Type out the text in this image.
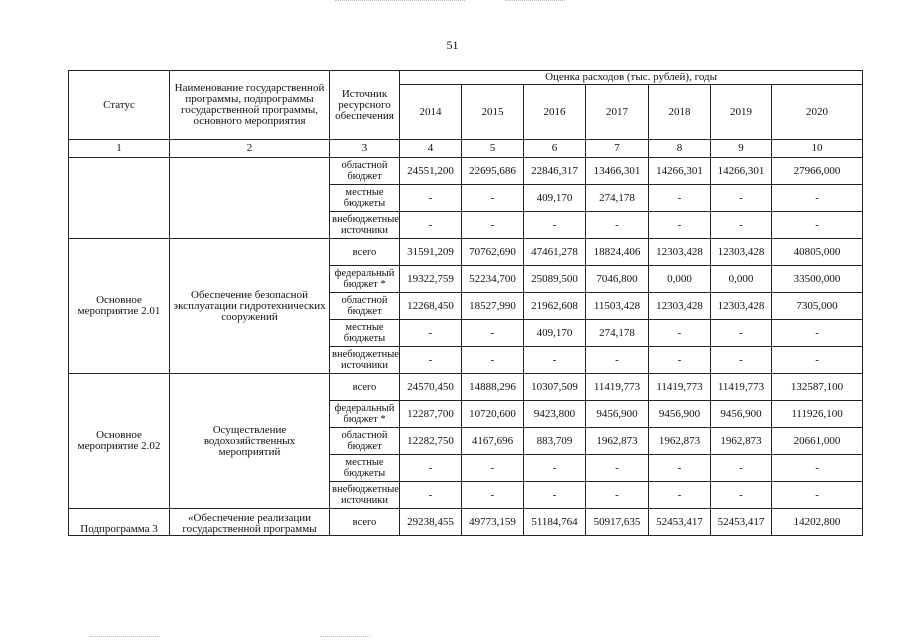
51
Статус	Наименование государственной программы, подпрограммы государственной программы, основного мероприятия	Источник ресурсного обеспечения	Оценка расходов (тыс. рублей), годы						
			2014	2015	2016	2017	2018	2019	2020
1	2	3	4	5	6	7	8	9	10
		областной бюджет	24551,200	22695,686	22846,317	13466,301	14266,301	14266,301	27966,000
		местные бюджеты	-	-	409,170	274,178	-	-	-
		внебюджетные источники	-	-	-	-	-	-	-
Основное мероприятие 2.01	Обеспечение безопасной эксплуатации гидротехнических сооружений	всего	31591,209	70762,690	47461,278	18824,406	12303,428	12303,428	40805,000
		федеральный бюджет *	19322,759	52234,700	25089,500	7046,800	0,000	0,000	33500,000
		областной бюджет	12268,450	18527,990	21962,608	11503,428	12303,428	12303,428	7305,000
		местные бюджеты	-	-	409,170	274,178	-	-	-
		внебюджетные источники	-	-	-	-	-	-	-
Основное мероприятие 2.02	Осуществление водохозяйственных мероприятий	всего	24570,450	14888,296	10307,509	11419,773	11419,773	11419,773	132587,100
		федеральный бюджет *	12287,700	10720,600	9423,800	9456,900	9456,900	9456,900	111926,100
		областной бюджет	12282,750	4167,696	883,709	1962,873	1962,873	1962,873	20661,000
		местные бюджеты	-	-	-	-	-	-	-
		внебюджетные источники	-	-	-	-	-	-	-
Подпрограмма 3	«Обеспечение реализации государственной программы	всего	29238,455	49773,159	51184,764	50917,635	52453,417	52453,417	14202,800
